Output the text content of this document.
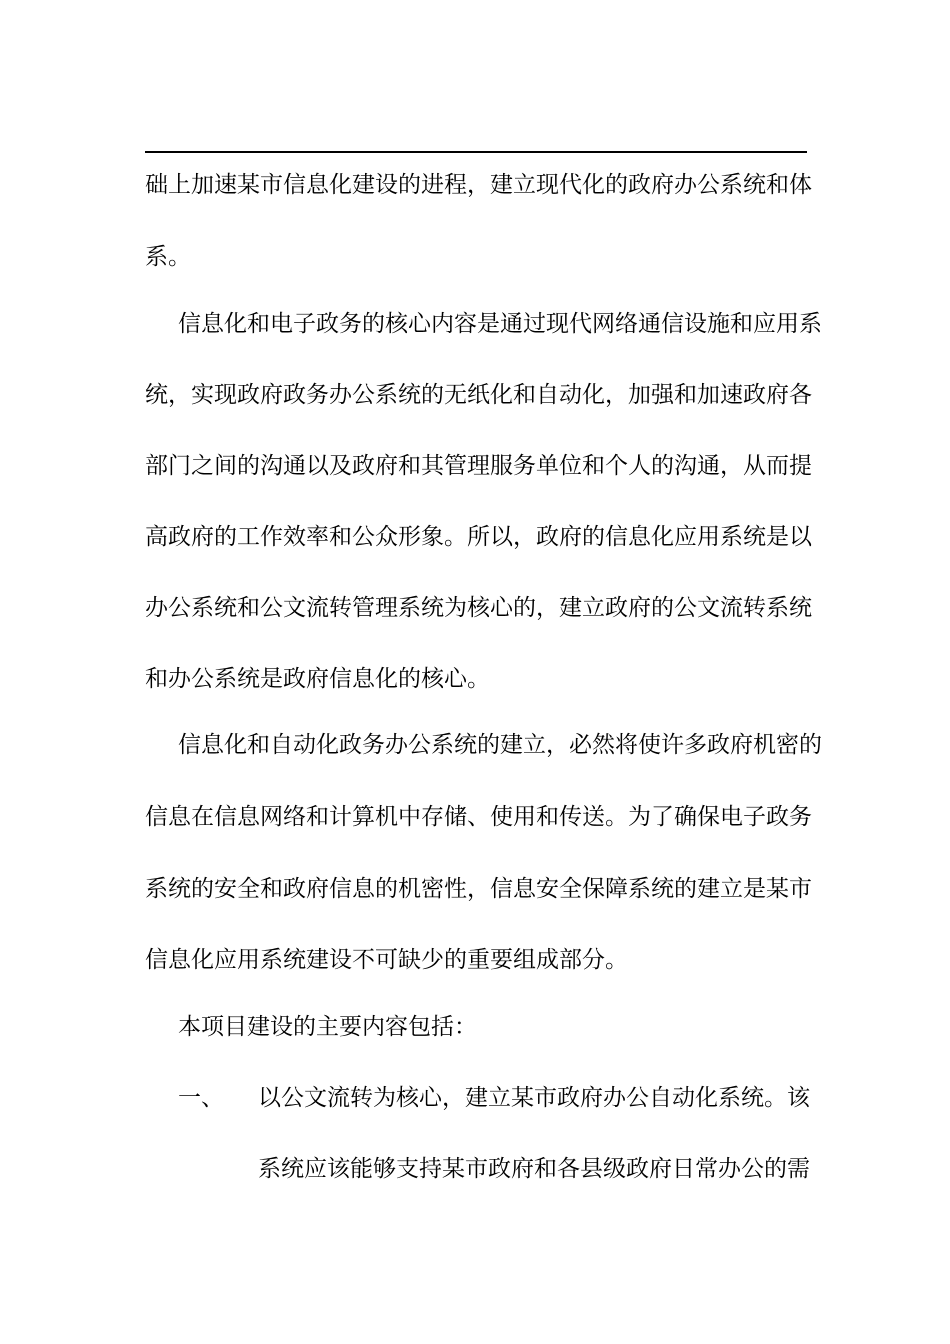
础上加速某市信息化建设的进程，建立现代化的政府办公系统和体
系。
信息化和电子政务的核心内容是通过现代网络通信设施和应用系
统，实现政府政务办公系统的无纸化和自动化，加强和加速政府各
部门之间的沟通以及政府和其管理服务单位和个人的沟通，从而提
高政府的工作效率和公众形象。所以，政府的信息化应用系统是以
办公系统和公文流转管理系统为核心的，建立政府的公文流转系统
和办公系统是政府信息化的核心。
信息化和自动化政务办公系统的建立，必然将使许多政府机密的
信息在信息网络和计算机中存储、使用和传送。为了确保电子政务
系统的安全和政府信息的机密性，信息安全保障系统的建立是某市
信息化应用系统建设不可缺少的重要组成部分。
本项目建设的主要内容包括：
一、 以公文流转为核心，建立某市政府办公自动化系统。该
系统应该能够支持某市政府和各县级政府日常办公的需
